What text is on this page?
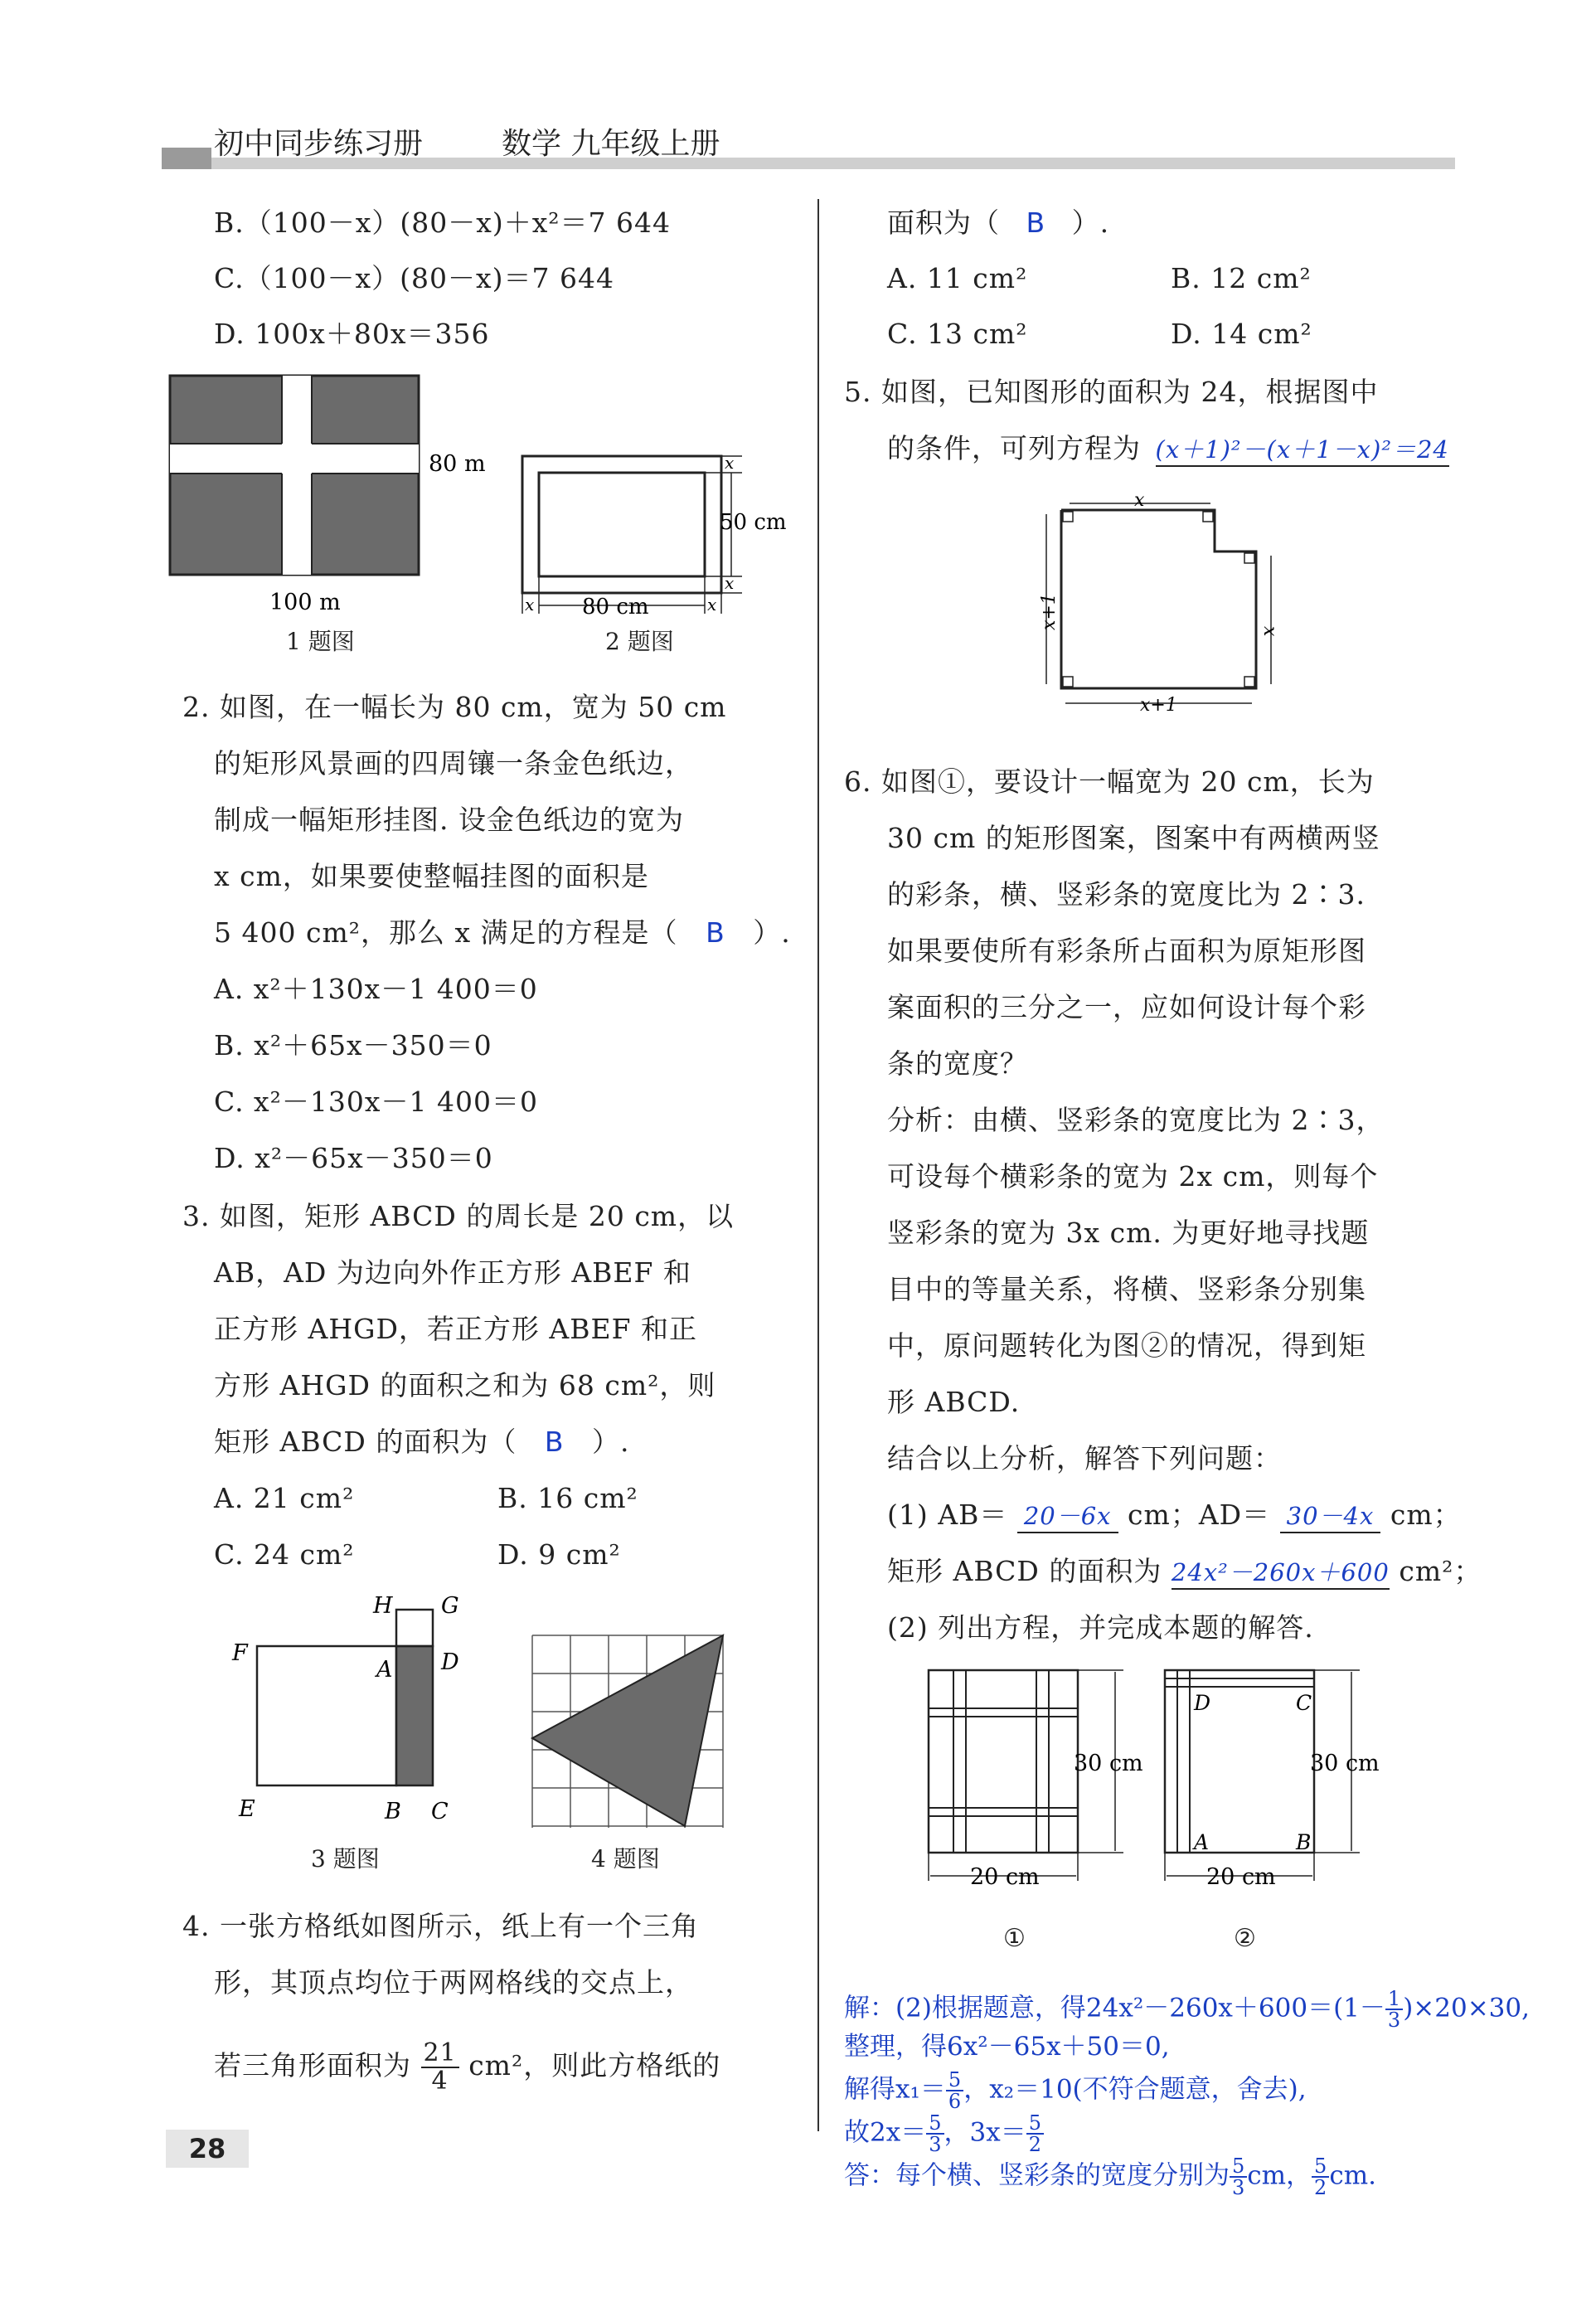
初中同步练习册	数学 九年级上册
B.（100－x）(80－x)＋x²＝7 644
C.（100－x）(80－x)＝7 644
D. 100x＋80x＝356
80 m
100 m
1 题图
50 cm
x
x
80 cm
x	x
2 题图
2. 如图，在一幅长为 80 cm，宽为 50 cm
的矩形风景画的四周镶一条金色纸边，
制成一幅矩形挂图. 设金色纸边的宽为
x cm，如果要使整幅挂图的面积是
5 400 cm²，那么 x 满足的方程是（ B ）.
A. x²＋130x－1 400＝0
B. x²＋65x－350＝0
C. x²－130x－1 400＝0
D. x²－65x－350＝0
3. 如图，矩形 ABCD 的周长是 20 cm，以
AB，AD 为边向外作正方形 ABEF 和
正方形 AHGD，若正方形 ABEF 和正
方形 AHGD 的面积之和为 68 cm²，则
矩形 ABCD 的面积为（ B ）.
A. 21 cm²	B. 16 cm²
C. 24 cm²	D. 9 cm²
H G
F
A D
E	B C
3 题图	4 题图
4. 一张方格纸如图所示，纸上有一个三角
形，其顶点均位于两网格线的交点上，
若三角形面积为 $\frac{21}{4} cm^2$，则此方格纸的
28
面积为（ B ）.
A. 11 cm²	B. 12 cm²
C. 13 cm²	D. 14 cm²
5. 如图，已知图形的面积为 24，根据图中
的条件，可列方程为 (x＋1)²－(x＋1－x)²＝24
x
x+1
x
x+1
6. 如图①，要设计一幅宽为 20 cm，长为
30 cm 的矩形图案，图案中有两横两竖
的彩条，横、竖彩条的宽度比为 2∶3.
如果要使所有彩条所占面积为原矩形图
案面积的三分之一，应如何设计每个彩
条的宽度？
分析：由横、竖彩条的宽度比为 2∶3，
可设每个横彩条的宽为 2x cm，则每个
竖彩条的宽为 3x cm. 为更好地寻找题
目中的等量关系，将横、竖彩条分别集
中，原问题转化为图②的情况，得到矩
形 ABCD.
结合以上分析，解答下列问题：
(1) AB＝ 20－6x cm；AD＝ 30－4x cm；
矩形 ABCD 的面积为 24x²－260x＋600 cm²；
(2) 列出方程，并完成本题的解答.
30 cm
20 cm
①
D	C
A	B
30 cm
20 cm
②
解：(2)根据题意，得$24x^2-260x+600=(1- \frac{1}{3} )\times 20\times 30$,
整理，得6x²－65x＋50＝0,
解得$x_1= \frac{5}{6}$ ，x₂＝10(不符合题意，舍去),
故$2x= \frac{5}{3}$ ，$3x= \frac{5}{2}$
答：每个横、竖彩条的宽度分别为 $\frac{5}{3}$ cm， $\frac{5}{2}$ cm.
